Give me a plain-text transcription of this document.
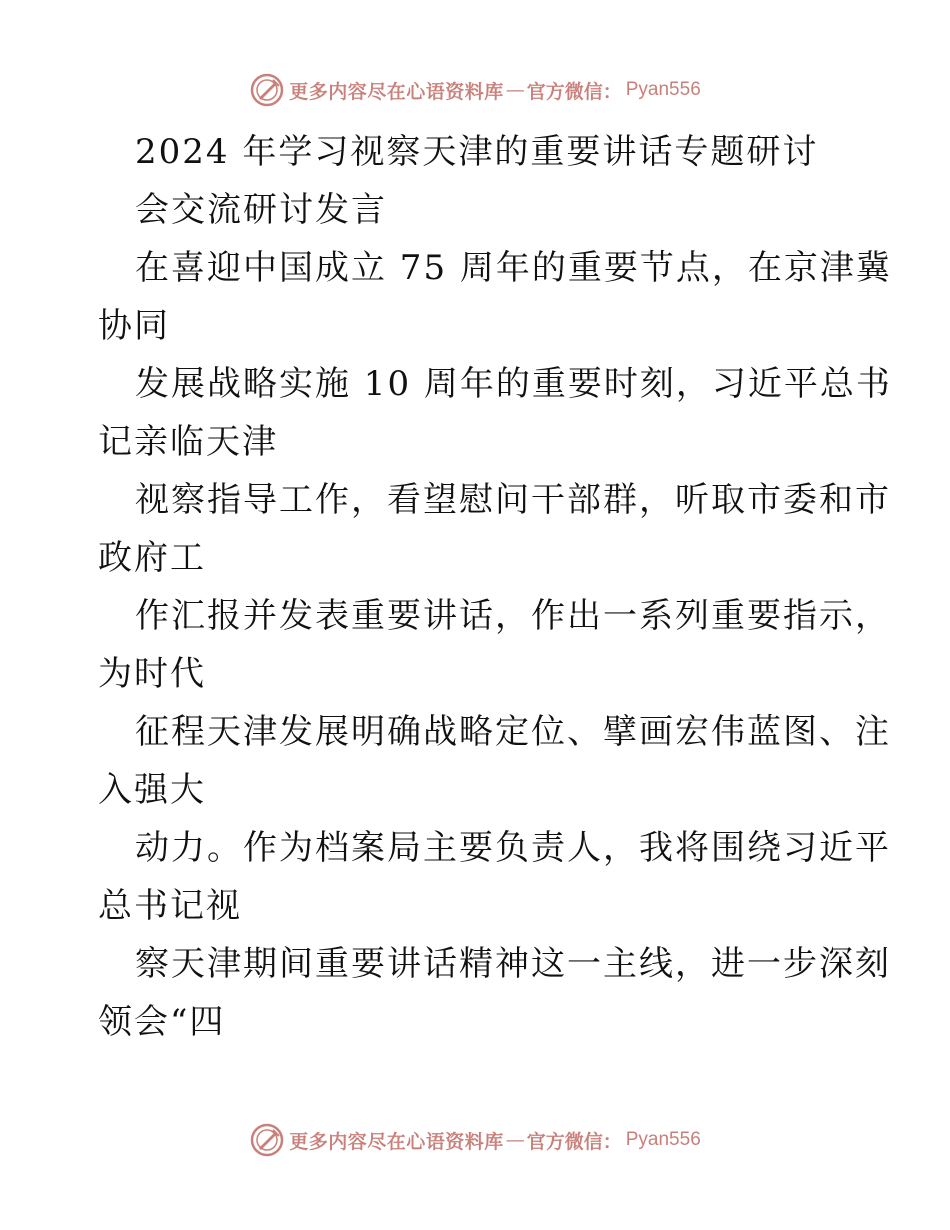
更多内容尽在心语资料库 — 官方微信： Pyan556
2024 年学习视察天津的重要讲话专题研讨
会交流研讨发言
在喜迎中国成立 75 周年的重要节点，在京津冀
协同
发展战略实施 10 周年的重要时刻，习近平总书
记亲临天津
视察指导工作，看望慰问干部群，听取市委和市
政府工
作汇报并发表重要讲话，作出一系列重要指示，
为时代
征程天津发展明确战略定位、擘画宏伟蓝图、注
入强大
动力。作为档案局主要负责人，我将围绕习近平
总书记视
察天津期间重要讲话精神这一主线，进一步深刻
领会“四
更多内容尽在心语资料库 — 官方微信： Pyan556
